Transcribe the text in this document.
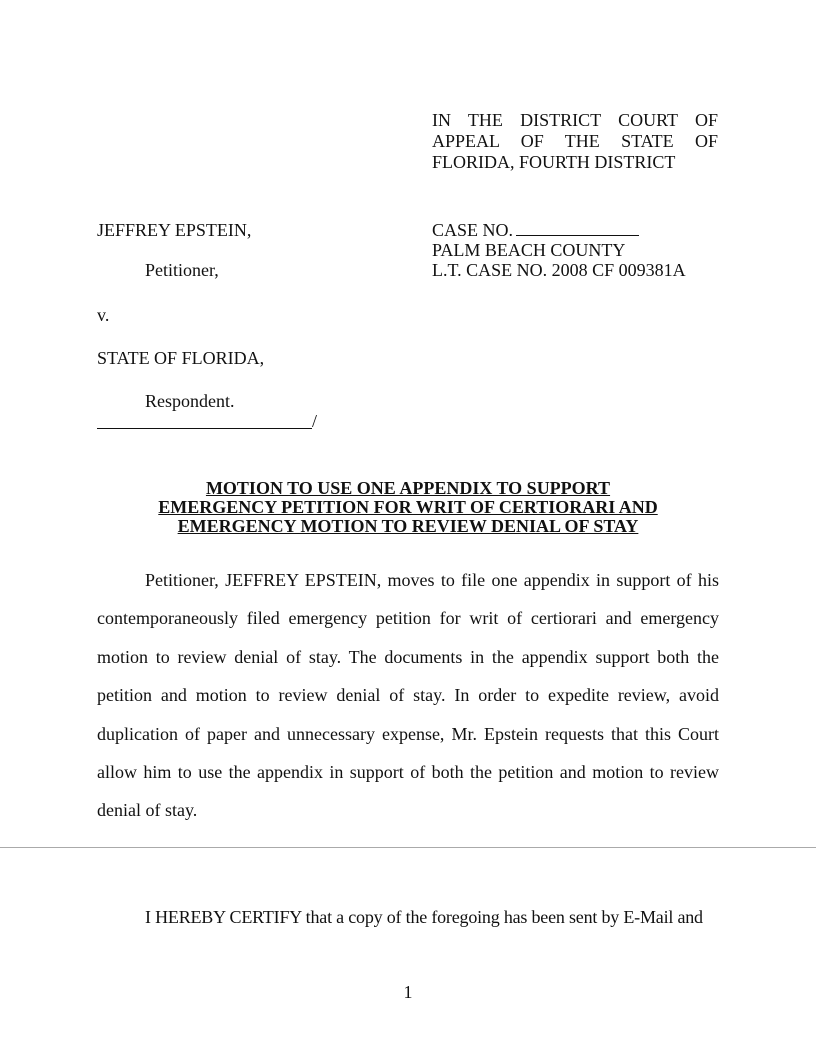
IN THE DISTRICT COURT OF
APPEAL OF THE STATE OF
FLORIDA, FOURTH DISTRICT
JEFFREY EPSTEIN,	CASE NO.
PALM BEACH COUNTY
L.T. CASE NO. 2008 CF 009381A
Petitioner,
v.
STATE OF FLORIDA,
Respondent.
/
MOTION TO USE ONE APPENDIX TO SUPPORT
EMERGENCY PETITION FOR WRIT OF CERTIORARI AND
EMERGENCY MOTION TO REVIEW DENIAL OF STAY

Petitioner, JEFFREY EPSTEIN, moves to file one appendix in support of his contemporaneously filed emergency petition for writ of certiorari and emergency motion to review denial of stay. The documents in the appendix support both the petition and motion to review denial of stay. In order to expedite review, avoid duplication of paper and unnecessary expense, Mr. Epstein requests that this Court allow him to use the appendix in support of both the petition and motion to review denial of stay.

I HEREBY CERTIFY that a copy of the foregoing has been sent by E-Mail and
1
